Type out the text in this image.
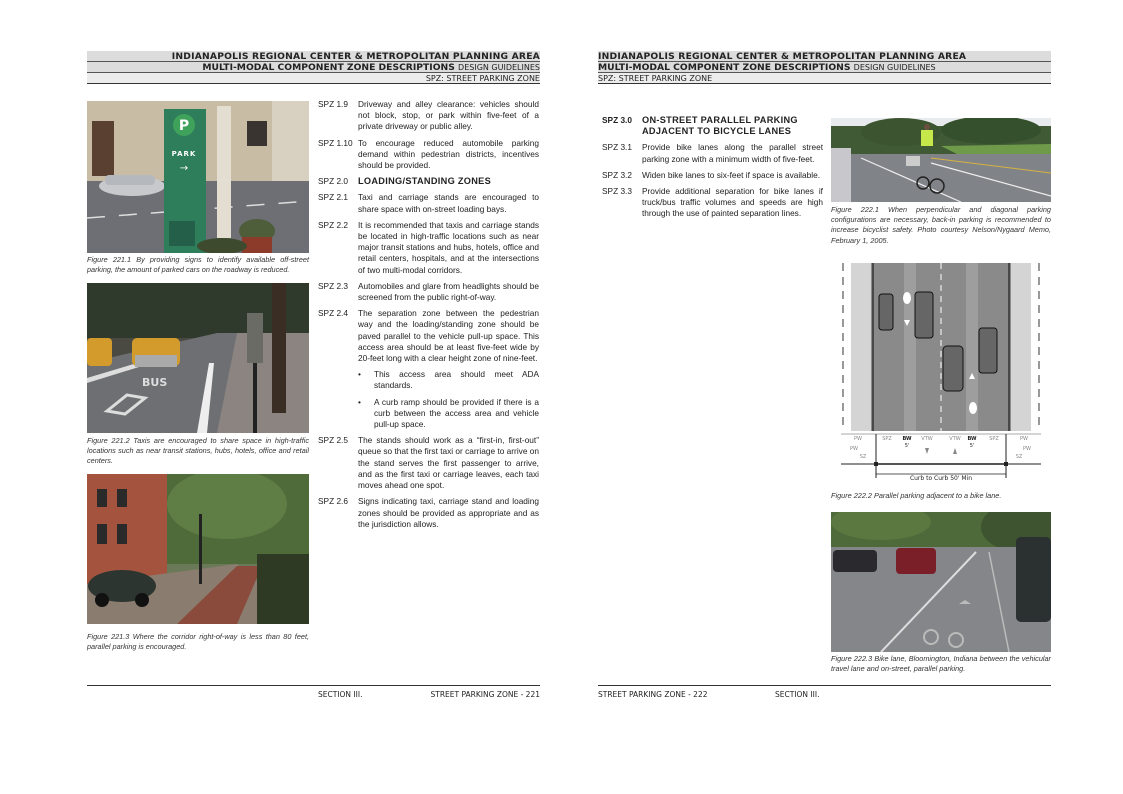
INDIANAPOLIS REGIONAL CENTER & METROPOLITAN PLANNING AREA
MULTI-MODAL COMPONENT ZONE DESCRIPTIONS DESIGN GUIDELINES
SPZ: STREET PARKING ZONE
P
PARK
→
Figure 221.1 By providing signs to identify available off-street parking, the amount of parked cars on the roadway is reduced.
BUS
Figure 221.2 Taxis are encouraged to share space in high-traffic locations such as near transit stations, hubs, hotels, office and retail centers.
Figure 221.3 Where the corridor right-of-way is less than 80 feet, parallel parking is encouraged.
SPZ 1.9	Driveway and alley clearance: vehicles should not block, stop, or park within five-feet of a private driveway or public alley.
SPZ 1.10 To encourage reduced automobile parking demand within pedestrian districts, incentives should be provided.
SPZ 2.0	LOADING/STANDING ZONES
SPZ 2.1	Taxi and carriage stands are encouraged to share space with on-street loading bays.
SPZ 2.2	It is recommended that taxis and carriage stands be located in high-traffic locations such as near major transit stations and hubs, hotels, office and retail centers, hospitals, and at the intersections of two multi-modal corridors.
SPZ 2.3	Automobiles and glare from headlights should be screened from the public right-of-way.
SPZ 2.4	The separation zone between the pedestrian way and the loading/standing zone should be paved parallel to the vehicle pull-up space. This access area should be at least five-feet wide by 20-feet long with a clear height zone of nine-feet.
•	This access area should meet ADA standards.
•	A curb ramp should be provided if there is a curb between the access area and vehicle pull-up space.
SPZ 2.5	The stands should work as a “first-in, first-out” queue so that the first taxi or carriage to arrive on the stand serves the first passenger to arrive, and as the first taxi or carriage leaves, each taxi moves ahead one spot.
SPZ 2.6	Signs indicating taxi, carriage stand and loading zones should be provided as appropriate and as the jurisdiction allows.
SECTION III.	STREET PARKING ZONE - 221
INDIANAPOLIS REGIONAL CENTER & METROPOLITAN PLANNING AREA
MULTI-MODAL COMPONENT ZONE DESCRIPTIONS DESIGN GUIDELINES
SPZ: STREET PARKING ZONE
SPZ 3.0	ON-STREET PARALLEL PARKING ADJACENT TO BICYCLE LANES
SPZ 3.1	Provide bike lanes along the parallel street parking zone with a minimum width of five-feet.
SPZ 3.2	Widen bike lanes to six-feet if space is available.
SPZ 3.3	Provide additional separation for bike lanes if truck/bus traffic volumes and speeds are high through the use of painted separation lines.	Figure 222.1 When perpendicular and diagonal parking configurations are necessary, back-in parking is recommended to increase bicyclist safety. Photo courtesy Nelson/Nygaard Memo, February 1, 2005.
PW	SPZ BW VTW	VTW BW	SPZ	PW
5'	5'
PW
SZ
PW
SZ
Curb to Curb 50' Min
Figure 222.2 Parallel parking adjacent to a bike lane.
Figure 222.3 Bike lane, Bloomington, Indiana between the vehicular travel lane and on-street, parallel parking.
STREET PARKING ZONE - 222	SECTION III.
